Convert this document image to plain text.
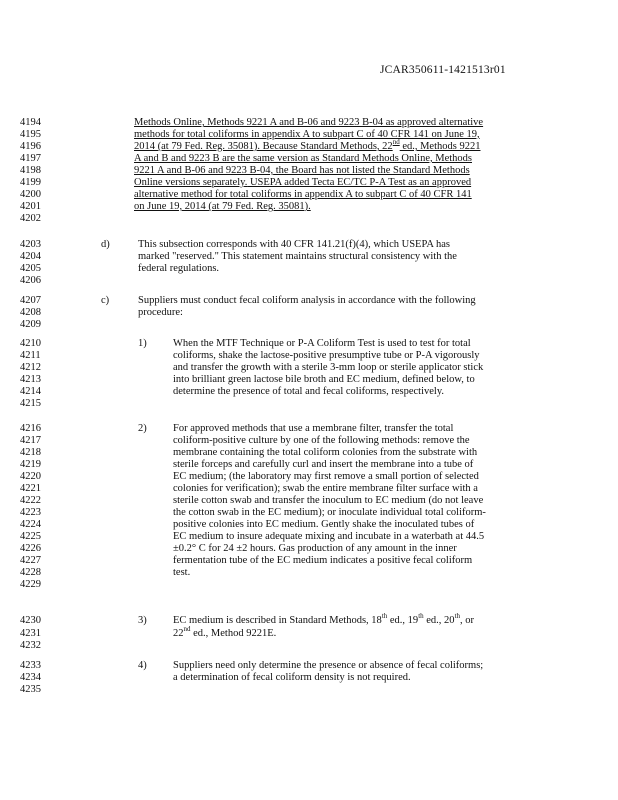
JCAR350611-1421513r01
4194
4195
4196
4197
4198
4199
4200
4201
4202
4203
4204
4205
4206
4207
4208
4209
4210
4211
4212
4213
4214
4215
4216
4217
4218
4219
4220
4221
4222
4223
4224
4225
4226
4227
4228
4229
4230
4231
4232
4233
4234
4235
Methods Online, Methods 9221 A and B-06 and 9223 B-04 as approved alternative
methods for total coliforms in appendix A to subpart C of 40 CFR 141 on June 19,
2014 (at 79 Fed. Reg. 35081). Because Standard Methods, 22nd ed., Methods 9221
A and B and 9223 B are the same version as Standard Methods Online, Methods
9221 A and B-06 and 9223 B-04, the Board has not listed the Standard Methods
Online versions separately. USEPA added Tecta EC/TC P-A Test as an approved
alternative method for total coliforms in appendix A to subpart C of 40 CFR 141
on June 19, 2014 (at 79 Fed. Reg. 35081).
d)	This subsection corresponds with 40 CFR 141.21(f)(4), which USEPA has
marked "reserved." This statement maintains structural consistency with the
federal regulations.
c)	Suppliers must conduct fecal coliform analysis in accordance with the following
procedure:
1)	When the MTF Technique or P-A Coliform Test is used to test for total
coliforms, shake the lactose-positive presumptive tube or P-A vigorously
and transfer the growth with a sterile 3-mm loop or sterile applicator stick
into brilliant green lactose bile broth and EC medium, defined below, to
determine the presence of total and fecal coliforms, respectively.
2)	For approved methods that use a membrane filter, transfer the total
coliform-positive culture by one of the following methods: remove the
membrane containing the total coliform colonies from the substrate with
sterile forceps and carefully curl and insert the membrane into a tube of
EC medium; (the laboratory may first remove a small portion of selected
colonies for verification); swab the entire membrane filter surface with a
sterile cotton swab and transfer the inoculum to EC medium (do not leave
the cotton swab in the EC medium); or inoculate individual total coliform-
positive colonies into EC medium. Gently shake the inoculated tubes of
EC medium to insure adequate mixing and incubate in a waterbath at 44.5
±0.2° C for 24 ±2 hours. Gas production of any amount in the inner
fermentation tube of the EC medium indicates a positive fecal coliform
test.
3)	EC medium is described in Standard Methods, 18th ed., 19th ed., 20th, or
22nd ed., Method 9221E.
4)	Suppliers need only determine the presence or absence of fecal coliforms;
a determination of fecal coliform density is not required.
